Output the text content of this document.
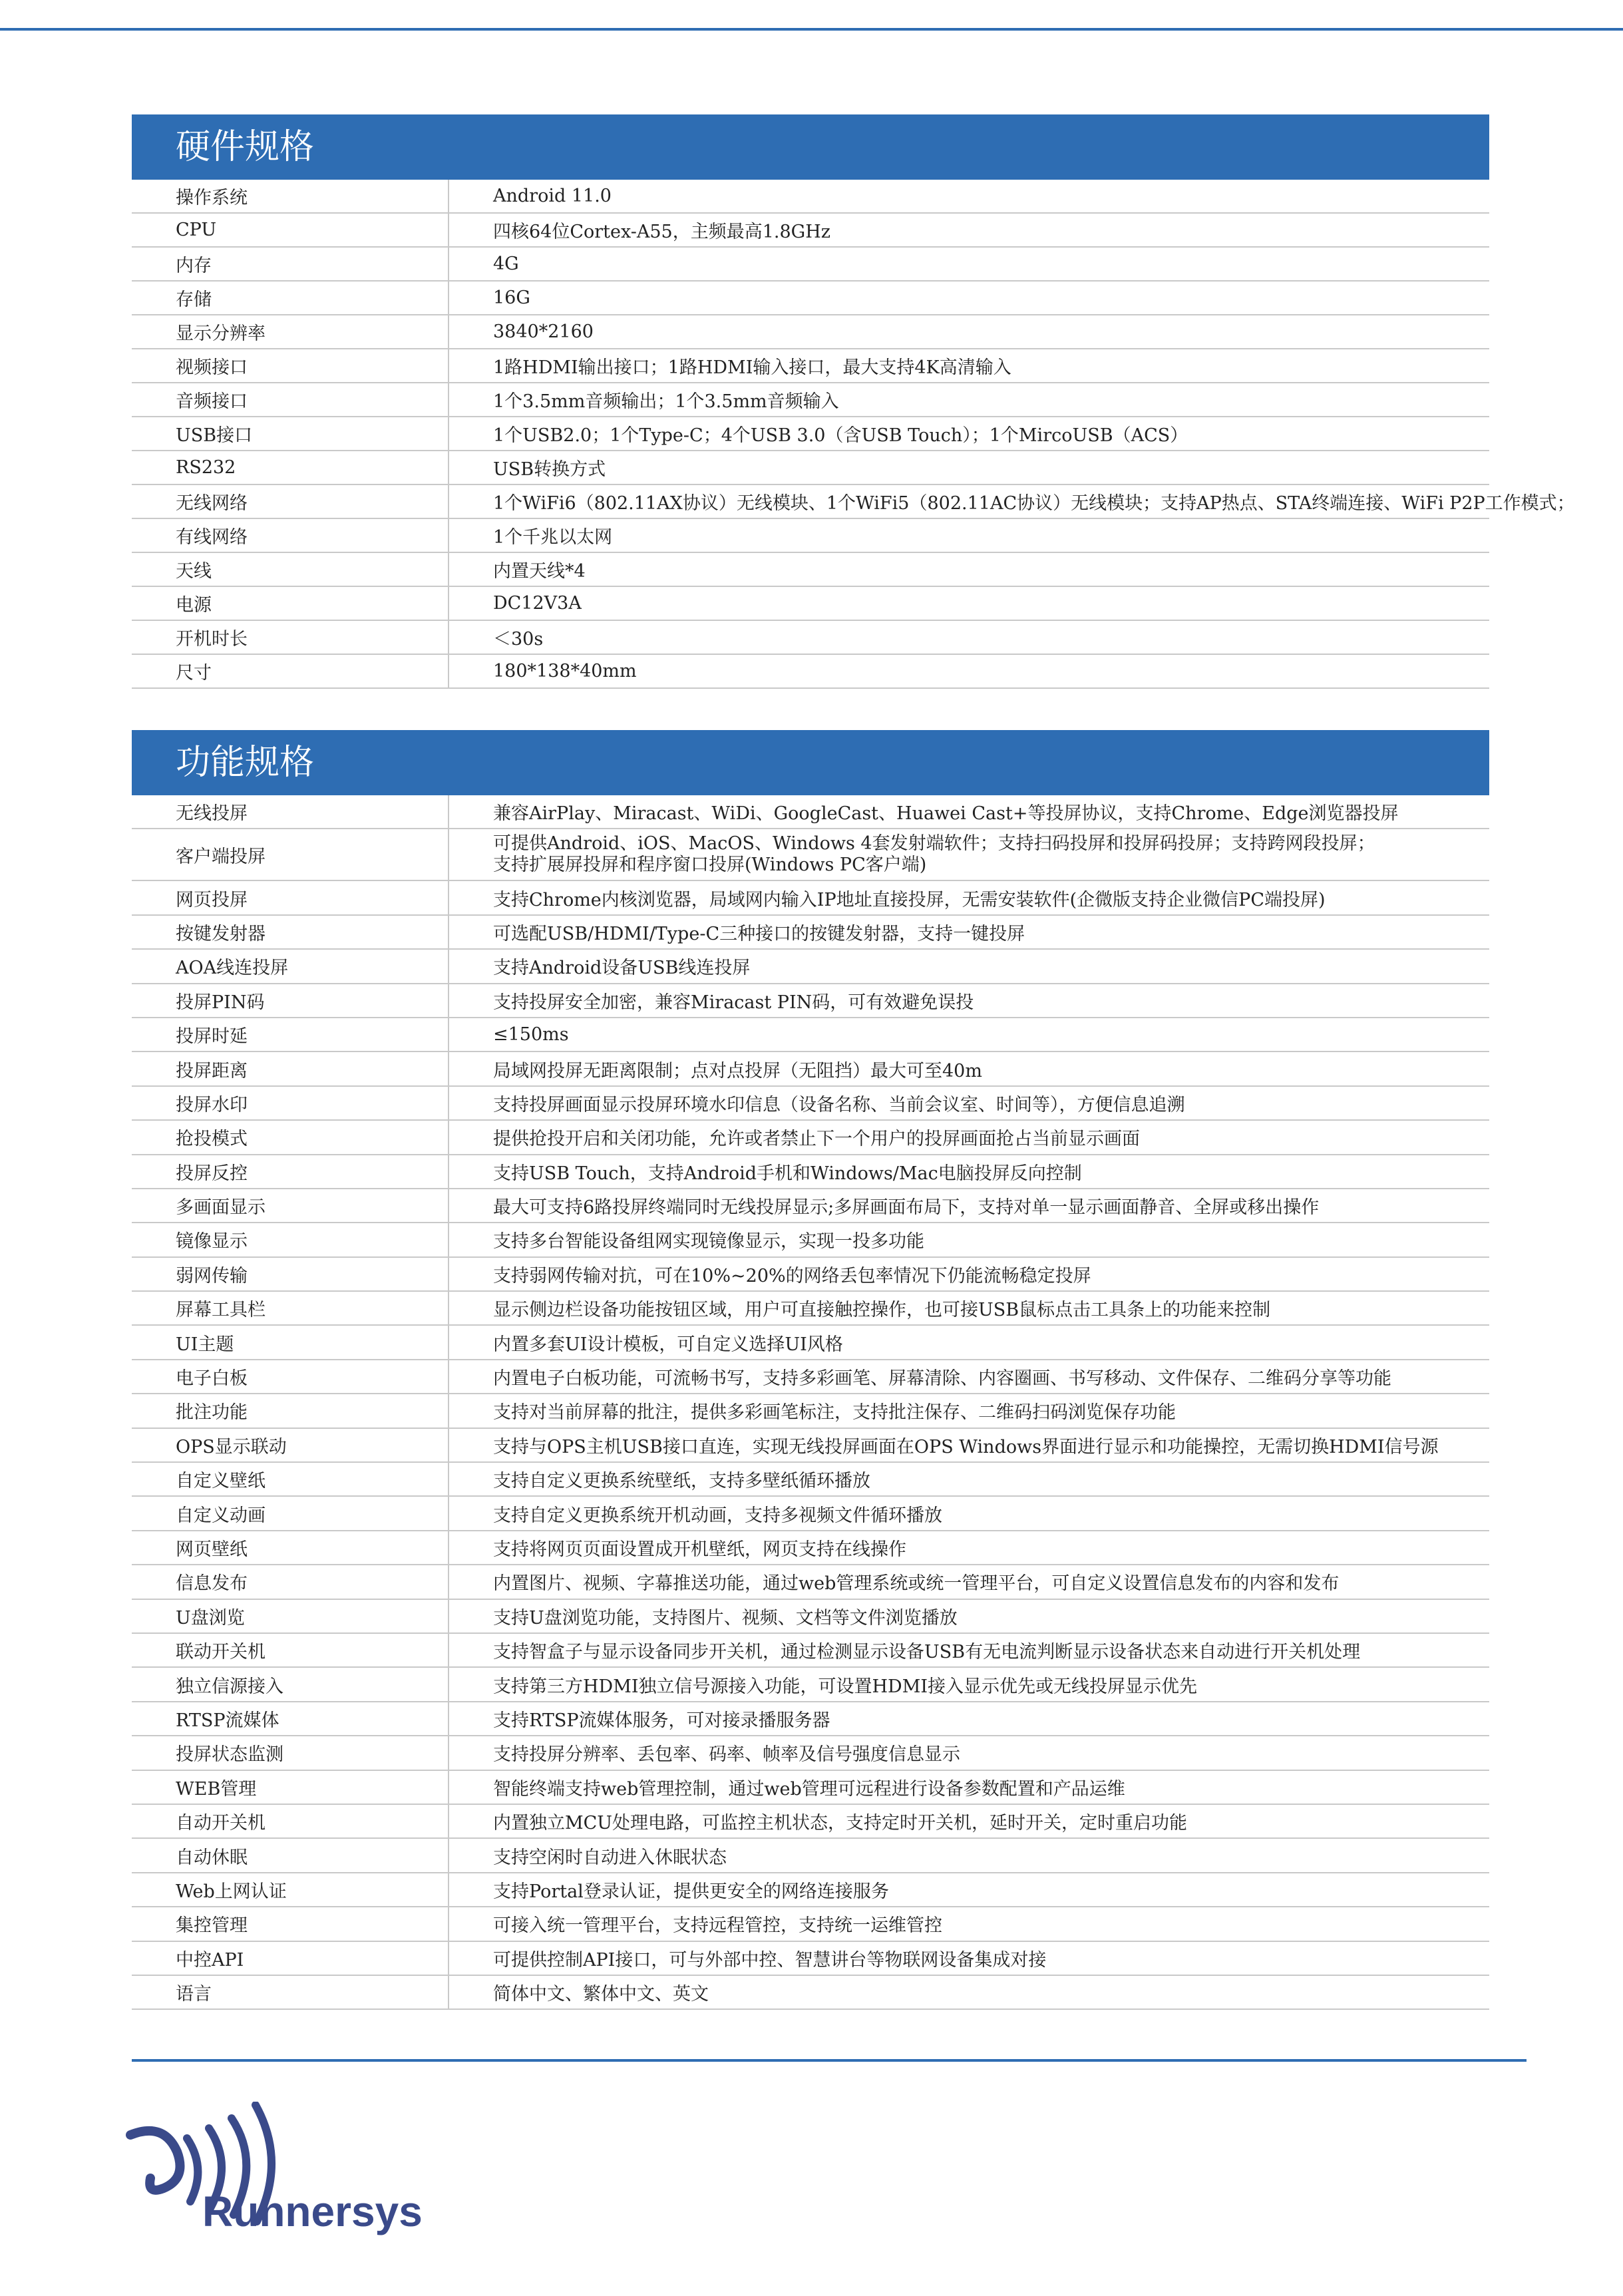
硬件规格
操作系统	Android 11.0
CPU	四核64位Cortex-A55，主频最高1.8GHz
内存	4G
存储	16G
显示分辨率	3840*2160
视频接口	1路HDMI输出接口；1路HDMI输入接口，最大支持4K高清输入
音频接口	1个3.5mm音频输出；1个3.5mm音频输入
USB接口	1个USB2.0；1个Type-C；4个USB 3.0（含USB Touch）；1个MircoUSB（ACS）
RS232	USB转换方式
无线网络	1个WiFi6（802.11AX协议）无线模块、1个WiFi5（802.11AC协议）无线模块；支持AP热点、STA终端连接、WiFi P2P工作模式；
有线网络	1个千兆以太网
天线	内置天线*4
电源	DC12V3A
开机时长	＜30s
尺寸	180*138*40mm
功能规格
无线投屏	兼容AirPlay、Miracast、WiDi、GoogleCast、Huawei Cast+等投屏协议，支持Chrome、Edge浏览器投屏
客户端投屏	可提供Android、iOS、MacOS、Windows 4套发射端软件；支持扫码投屏和投屏码投屏；支持跨网段投屏；
支持扩展屏投屏和程序窗口投屏(Windows PC客户端)

网页投屏	支持Chrome内核浏览器，局域网内输入IP地址直接投屏，无需安装软件(企微版支持企业微信PC端投屏)
按键发射器	可选配USB/HDMI/Type-C三种接口的按键发射器，支持一键投屏
AOA线连投屏	支持Android设备USB线连投屏
投屏PIN码	支持投屏安全加密，兼容Miracast PIN码，可有效避免误投
投屏时延	≤150ms
投屏距离	局域网投屏无距离限制；点对点投屏（无阻挡）最大可至40m
投屏水印	支持投屏画面显示投屏环境水印信息（设备名称、当前会议室、时间等），方便信息追溯
抢投模式	提供抢投开启和关闭功能，允许或者禁止下一个用户的投屏画面抢占当前显示画面
投屏反控	支持USB Touch，支持Android手机和Windows/Mac电脑投屏反向控制
多画面显示	最大可支持6路投屏终端同时无线投屏显示;多屏画面布局下，支持对单一显示画面静音、全屏或移出操作
镜像显示	支持多台智能设备组网实现镜像显示，实现一投多功能
弱网传输	支持弱网传输对抗，可在10%~20%的网络丢包率情况下仍能流畅稳定投屏
屏幕工具栏	显示侧边栏设备功能按钮区域，用户可直接触控操作，也可接USB鼠标点击工具条上的功能来控制
UI主题	内置多套UI设计模板，可自定义选择UI风格
电子白板	内置电子白板功能，可流畅书写，支持多彩画笔、屏幕清除、内容圈画、书写移动、文件保存、二维码分享等功能
批注功能	支持对当前屏幕的批注，提供多彩画笔标注，支持批注保存、二维码扫码浏览保存功能
OPS显示联动	支持与OPS主机USB接口直连，实现无线投屏画面在OPS Windows界面进行显示和功能操控，无需切换HDMI信号源
自定义壁纸	支持自定义更换系统壁纸，支持多壁纸循环播放
自定义动画	支持自定义更换系统开机动画，支持多视频文件循环播放
网页壁纸	支持将网页页面设置成开机壁纸，网页支持在线操作
信息发布	内置图片、视频、字幕推送功能，通过web管理系统或统一管理平台，可自定义设置信息发布的内容和发布
U盘浏览	支持U盘浏览功能，支持图片、视频、文档等文件浏览播放
联动开关机	支持智盒子与显示设备同步开关机，通过检测显示设备USB有无电流判断显示设备状态来自动进行开关机处理
独立信源接入	支持第三方HDMI独立信号源接入功能，可设置HDMI接入显示优先或无线投屏显示优先
RTSP流媒体	支持RTSP流媒体服务，可对接录播服务器
投屏状态监测	支持投屏分辨率、丢包率、码率、帧率及信号强度信息显示
WEB管理	智能终端支持web管理控制，通过web管理可远程进行设备参数配置和产品运维
自动开关机	内置独立MCU处理电路，可监控主机状态，支持定时开关机，延时开关，定时重启功能
自动休眠	支持空闲时自动进入休眠状态
Web上网认证	支持Portal登录认证，提供更安全的网络连接服务
集控管理	可接入统一管理平台，支持远程管控，支持统一运维管控
中控API	可提供控制API接口，可与外部中控、智慧讲台等物联网设备集成对接
语言	简体中文、繁体中文、英文
Runnersys
